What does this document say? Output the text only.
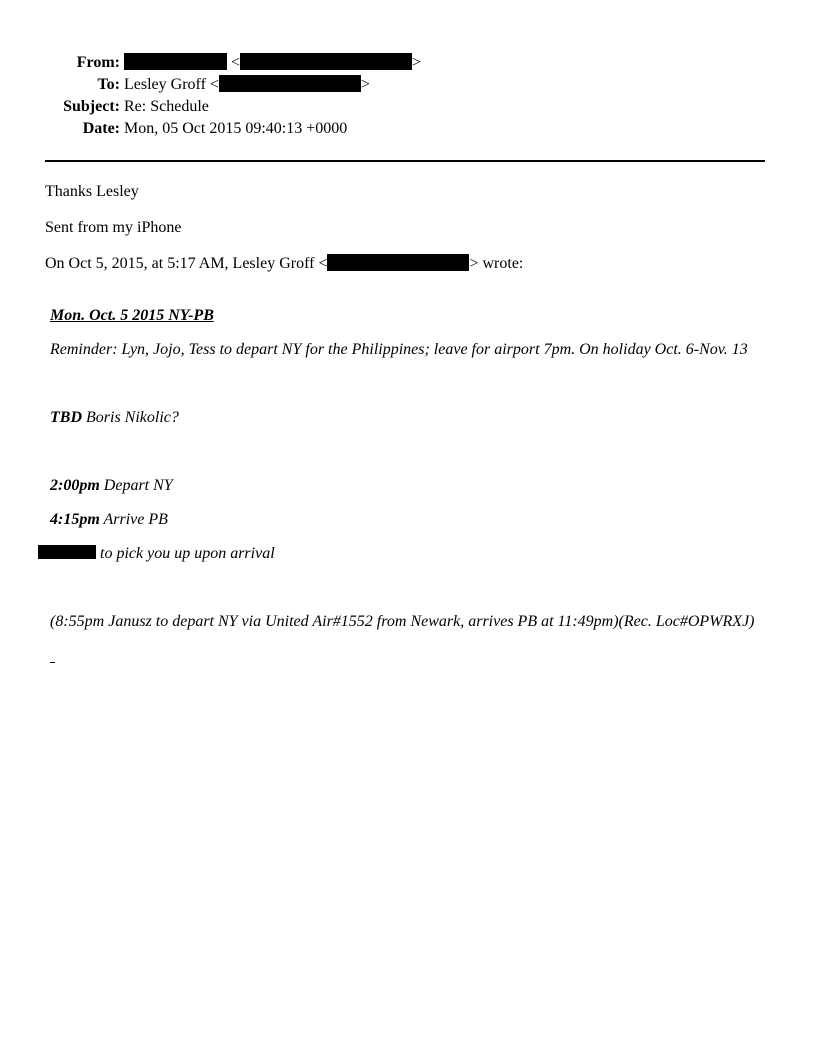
From:	<	>
To: Lesley Groff <	>
Subject: Re: Schedule
Date: Mon, 05 Oct 2015 09:40:13 +0000
Thanks Lesley
Sent from my iPhone
On Oct 5, 2015, at 5:17 AM, Lesley Groff <	> wrote:
Mon. Oct. 5 2015 NY-PB
Reminder: Lyn, Jojo, Tess to depart NY for the Philippines; leave for airport 7pm. On holiday Oct. 6-Nov. 13
TBD Boris Nikolic?
2:00pm Depart NY
4:15pm Arrive PB
to pick you up upon arrival
(8:55pm Janusz to depart NY via United Air#1552 from Newark, arrives PB at 11:49pm)(Rec. Loc#OPWRXJ)
